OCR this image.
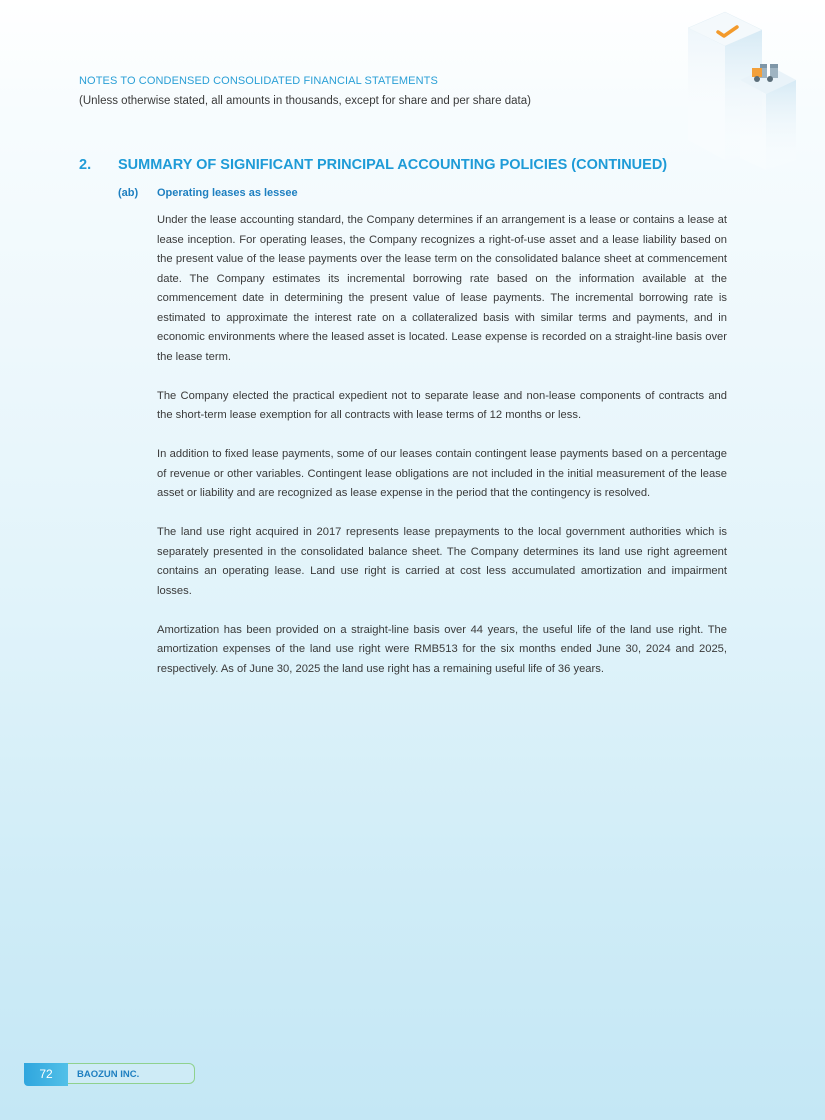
NOTES TO CONDENSED CONSOLIDATED FINANCIAL STATEMENTS
(Unless otherwise stated, all amounts in thousands, except for share and per share data)
2. SUMMARY OF SIGNIFICANT PRINCIPAL ACCOUNTING POLICIES (CONTINUED)
(ab) Operating leases as lessee

Under the lease accounting standard, the Company determines if an arrangement is a lease or contains a lease at lease inception. For operating leases, the Company recognizes a right-of-use asset and a lease liability based on the present value of the lease payments over the lease term on the consolidated balance sheet at commencement date. The Company estimates its incremental borrowing rate based on the information available at the commencement date in determining the present value of lease payments. The incremental borrowing rate is estimated to approximate the interest rate on a collateralized basis with similar terms and payments, and in economic environments where the leased asset is located. Lease expense is recorded on a straight-line basis over the lease term.

The Company elected the practical expedient not to separate lease and non-lease components of contracts and the short-term lease exemption for all contracts with lease terms of 12 months or less.

In addition to fixed lease payments, some of our leases contain contingent lease payments based on a percentage of revenue or other variables. Contingent lease obligations are not included in the initial measurement of the lease asset or liability and are recognized as lease expense in the period that the contingency is resolved.

The land use right acquired in 2017 represents lease prepayments to the local government authorities which is separately presented in the consolidated balance sheet. The Company determines its land use right agreement contains an operating lease. Land use right is carried at cost less accumulated amortization and impairment losses.

Amortization has been provided on a straight-line basis over 44 years, the useful life of the land use right. The amortization expenses of the land use right were RMB513 for the six months ended June 30, 2024 and 2025, respectively. As of June 30, 2025 the land use right has a remaining useful life of 36 years.

72	BAOZUN INC.
